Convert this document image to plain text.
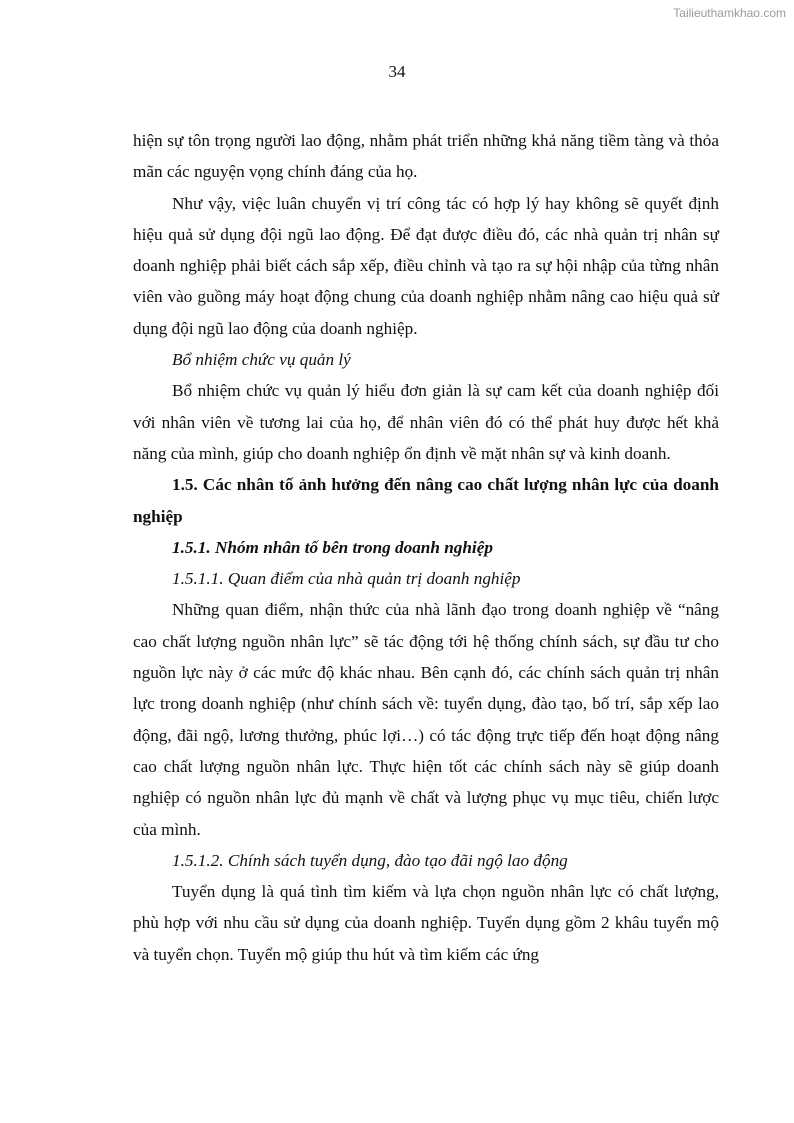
Tailieuthamkhao.com
34

hiện sự tôn trọng người lao động, nhằm phát triển những khả năng tiềm tàng và thỏa mãn các nguyện vọng chính đáng của họ.

Như vậy, việc luân chuyển vị trí công tác có hợp lý hay không sẽ quyết định hiệu quả sử dụng đội ngũ lao động. Để đạt được điều đó, các nhà quản trị nhân sự doanh nghiệp phải biết cách sắp xếp, điều chỉnh và tạo ra sự hội nhập của từng nhân viên vào guồng máy hoạt động chung của doanh nghiệp nhằm nâng cao hiệu quả sử dụng đội ngũ lao động của doanh nghiệp.

Bổ nhiệm chức vụ quản lý

Bổ nhiệm chức vụ quản lý hiểu đơn giản là sự cam kết của doanh nghiệp đối với nhân viên về tương lai của họ, để nhân viên đó có thể phát huy được hết khả năng của mình, giúp cho doanh nghiệp ổn định về mặt nhân sự và kinh doanh.

1.5. Các nhân tố ảnh hưởng đến nâng cao chất lượng nhân lực của doanh nghiệp

1.5.1. Nhóm nhân tố bên trong doanh nghiệp

1.5.1.1. Quan điểm của nhà quản trị doanh nghiệp

Những quan điểm, nhận thức của nhà lãnh đạo trong doanh nghiệp về “nâng cao chất lượng nguồn nhân lực” sẽ tác động tới hệ thống chính sách, sự đầu tư cho nguồn lực này ở các mức độ khác nhau. Bên cạnh đó, các chính sách quản trị nhân lực trong doanh nghiệp (như chính sách về: tuyển dụng, đào tạo, bố trí, sắp xếp lao động, đãi ngộ, lương thưởng, phúc lợi…) có tác động trực tiếp đến hoạt động nâng cao chất lượng nguồn nhân lực. Thực hiện tốt các chính sách này sẽ giúp doanh nghiệp có nguồn nhân lực đủ mạnh về chất và lượng phục vụ mục tiêu, chiến lược của mình.

1.5.1.2. Chính sách tuyển dụng, đào tạo đãi ngộ lao động

Tuyển dụng là quá tình tìm kiếm và lựa chọn nguồn nhân lực có chất lượng, phù hợp với nhu cầu sử dụng của doanh nghiệp. Tuyển dụng gồm 2 khâu tuyển mộ và tuyển chọn. Tuyển mộ giúp thu hút và tìm kiếm các ứng
